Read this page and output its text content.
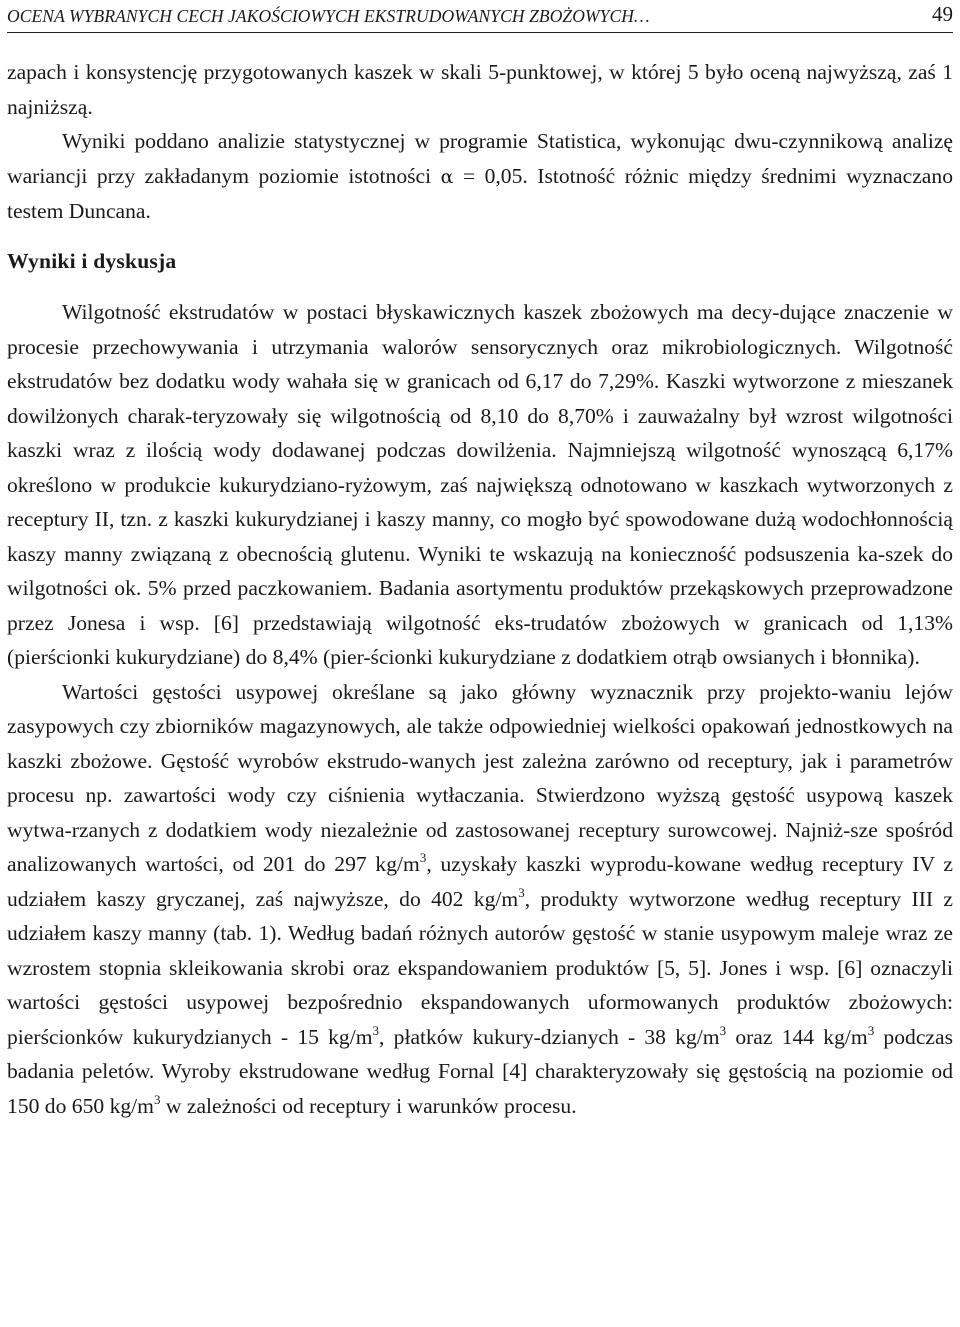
OCENA WYBRANYCH CECH JAKOŚCIOWYCH EKSTRUDOWANYCH ZBOŻOWYCH…	49

zapach i konsystencję przygotowanych kaszek w skali 5-punktowej, w której 5 było oceną najwyższą, zaś 1 najniższą.

Wyniki poddano analizie statystycznej w programie Statistica, wykonując dwu-czynnikową analizę wariancji przy zakładanym poziomie istotności α = 0,05. Istotność różnic między średnimi wyznaczano testem Duncana.

Wyniki i dyskusja

Wilgotność ekstrudatów w postaci błyskawicznych kaszek zbożowych ma decy-dujące znaczenie w procesie przechowywania i utrzymania walorów sensorycznych oraz mikrobiologicznych. Wilgotność ekstrudatów bez dodatku wody wahała się w granicach od 6,17 do 7,29%. Kaszki wytworzone z mieszanek dowilżonych charak-teryzowały się wilgotnością od 8,10 do 8,70% i zauważalny był wzrost wilgotności kaszki wraz z ilością wody dodawanej podczas dowilżenia. Najmniejszą wilgotność wynoszącą 6,17% określono w produkcie kukurydziano-ryżowym, zaś największą odnotowano w kaszkach wytworzonych z receptury II, tzn. z kaszki kukurydzianej i kaszy manny, co mogło być spowodowane dużą wodochłonnością kaszy manny związaną z obecnością glutenu. Wyniki te wskazują na konieczność podsuszenia ka-szek do wilgotności ok. 5% przed paczkowaniem. Badania asortymentu produktów przekąskowych przeprowadzone przez Jonesa i wsp. [6] przedstawiają wilgotność eks-trudatów zbożowych w granicach od 1,13% (pierścionki kukurydziane) do 8,4% (pier-ścionki kukurydziane z dodatkiem otrąb owsianych i błonnika).

Wartości gęstości usypowej określane są jako główny wyznacznik przy projekto-waniu lejów zasypowych czy zbiorników magazynowych, ale także odpowiedniej wielkości opakowań jednostkowych na kaszki zbożowe. Gęstość wyrobów ekstrudo-wanych jest zależna zarówno od receptury, jak i parametrów procesu np. zawartości wody czy ciśnienia wytłaczania. Stwierdzono wyższą gęstość usypową kaszek wytwa-rzanych z dodatkiem wody niezależnie od zastosowanej receptury surowcowej. Najniż-sze spośród analizowanych wartości, od 201 do 297 $kg/m^3$, uzyskały kaszki wyprodu-kowane według receptury IV z udziałem kaszy gryczanej, zaś najwyższe, do 402 $kg/m^3$, produkty wytworzone według receptury III z udziałem kaszy manny (tab. 1). Według badań różnych autorów gęstość w stanie usypowym maleje wraz ze wzrostem stopnia skleikowania skrobi oraz ekspandowaniem produktów [5, 5]. Jones i wsp. [6] oznaczyli wartości gęstości usypowej bezpośrednio ekspandowanych uformowanych produktów zbożowych: pierścionków kukurydzianych - 15 $kg/m^3$, płatków kukury-dzianych - 38 $kg/m^3$ oraz 144 $kg/m^3$ podczas badania peletów. Wyroby ekstrudowane według Fornal [4] charakteryzowały się gęstością na poziomie od 150 do 650 $kg/m^3$ w zależności od receptury i warunków procesu.
